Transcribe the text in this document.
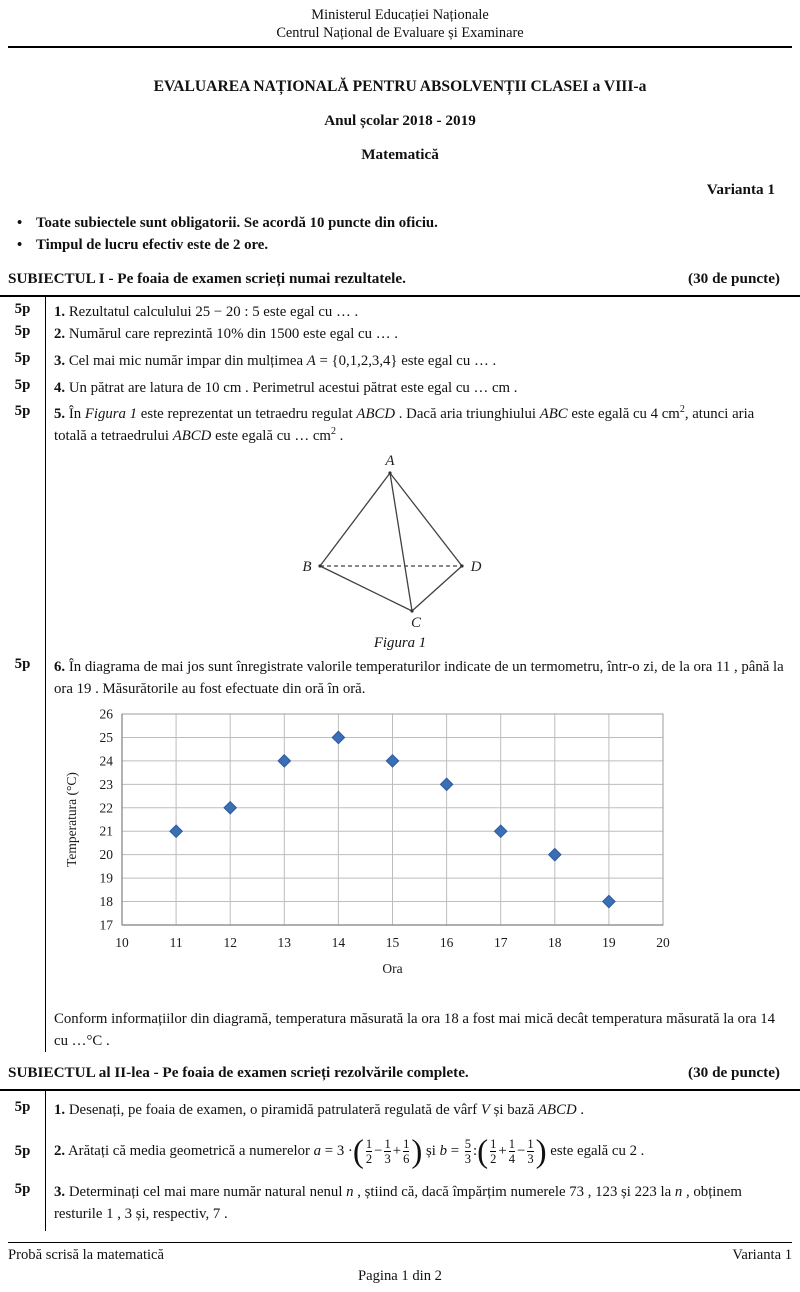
Ministerul Educației Naționale
Centrul Național de Evaluare și Examinare
EVALUAREA NAȚIONALĂ PENTRU ABSOLVENȚII CLASEI a VIII-a
Anul școlar 2018 - 2019
Matematică
Varianta 1
• Toate subiectele sunt obligatorii. Se acordă 10 puncte din oficiu.
• Timpul de lucru efectiv este de 2 ore.
SUBIECTUL I - Pe foaia de examen scrieți numai rezultatele.	(30 de puncte)
5p	1. Rezultatul calculului 25 − 20 : 5 este egal cu … .
5p	2. Numărul care reprezintă 10% din 1500 este egal cu … .
5p	3. Cel mai mic număr impar din mulțimea A = {0,1,2,3,4} este egal cu … .
5p	4. Un pătrat are latura de 10 cm . Perimetrul acestui pătrat este egal cu … cm .
5p	5. În Figura 1 este reprezentat un tetraedru regulat ABCD . Dacă aria triunghiului ABC este egală cu 4 $cm^2$, atunci aria totală a tetraedrului ABCD este egală cu … $cm^2$ .
A
B	D
C
Figura 1
5p	6. În diagrama de mai jos sunt înregistrate valorile temperaturilor indicate de un termometru, într-o zi, de la ora 11 , până la ora 19 . Măsurătorile au fost efectuate din oră în oră.
17
18
19
20
21
22
23
24
25
26
10	11	12	13	14	15	16	17	18	19	20
Ora
Temperatura (°C)
Conform informațiilor din diagramă, temperatura măsurată la ora 18 a fost mai mică decât temperatura măsurată la ora 14 cu …°C .
SUBIECTUL al II-lea - Pe foaia de examen scrieți rezolvările complete.	(30 de puncte)
5p	1. Desenați, pe foaia de examen, o piramidă patrulateră regulată de vârf V și bază ABCD .
5p	2. Arătați că media geometrică a numerelor a = 3 ·( $\frac{1}{2} - \frac{1}{3} + \frac{1}{6}$ ) și $b = \frac{5}{3}$ :( $\frac{1}{2} + \frac{1}{4} - \frac{1}{3}$ ) este egală cu 2 .
5p	3. Determinați cel mai mare număr natural nenul n , știind că, dacă împărțim numerele 73 , 123 și 223 la n , obținem resturile 1 , 3 și, respectiv, 7 .
Probă scrisă la matematică	Varianta 1
Pagina 1 din 2
